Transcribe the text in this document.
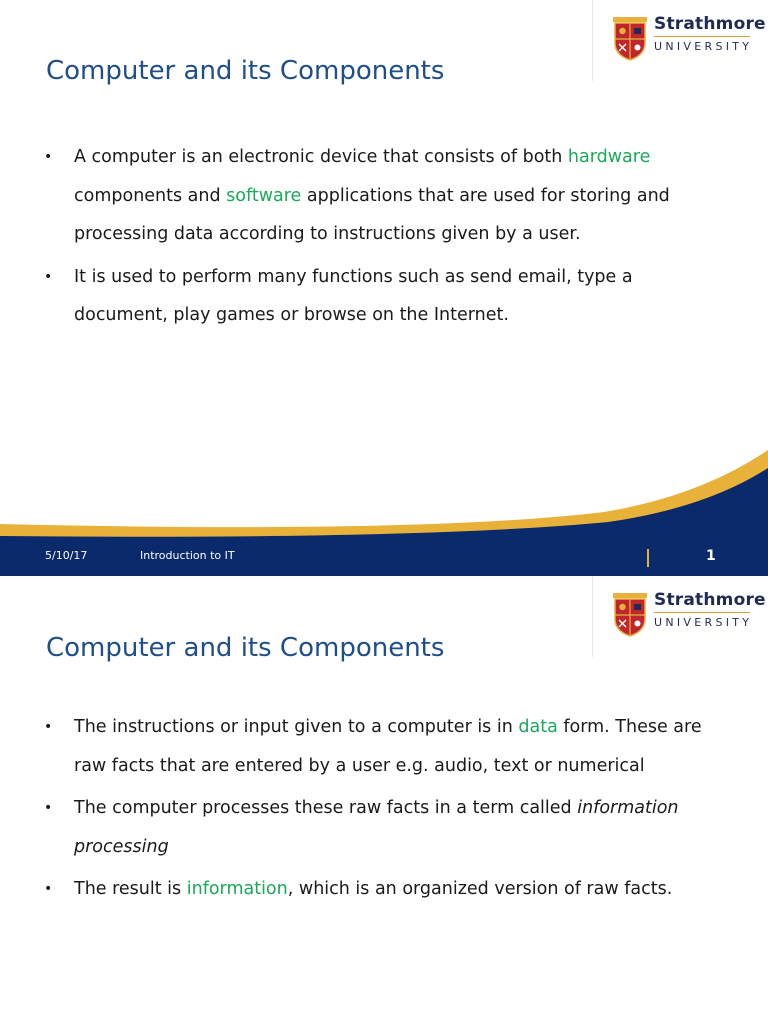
Strathmore
UNIVERSITY
Computer and its Components
• A computer is an electronic device that consists of both hardware components and software applications that are used for storing and processing data according to instructions given by a user.
• It is used to perform many functions such as send email, type a document, play games or browse on the Internet.
5/10/17	Introduction to IT	1
Strathmore
UNIVERSITY
Computer and its Components
• The instructions or input given to a computer is in data form. These are raw facts that are entered by a user e.g. audio, text or numerical
• The computer processes these raw facts in a term called information processing
• The result is information, which is an organized version of raw facts.
